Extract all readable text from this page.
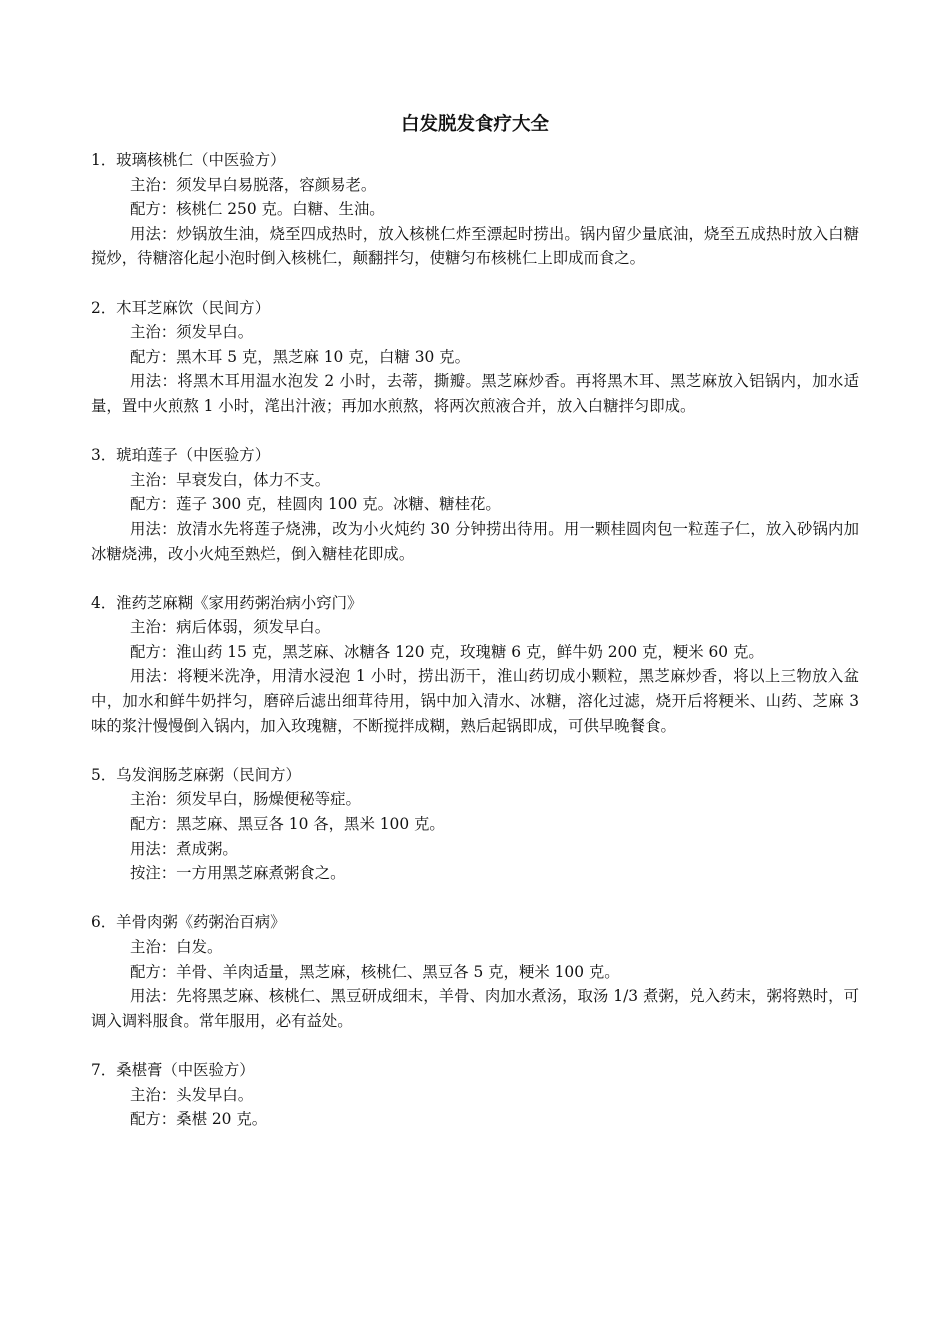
白发脱发食疗大全

1．玻璃核桃仁（中医验方）

主治：须发早白易脱落，容颜易老。

配方：核桃仁 250 克。白糖、生油。

用法：炒锅放生油，烧至四成热时，放入核桃仁炸至漂起时捞出。锅内留少量底油，烧至五成热时放入白糖搅炒，待糖溶化起小泡时倒入核桃仁，颠翻拌匀，使糖匀布核桃仁上即成而食之。

2．木耳芝麻饮（民间方）

主治：须发早白。

配方：黑木耳 5 克，黑芝麻 10 克，白糖 30 克。

用法：将黑木耳用温水泡发 2 小时，去蒂，撕瓣。黑芝麻炒香。再将黑木耳、黑芝麻放入铝锅内，加水适量，置中火煎熬 1 小时，滗出汁液；再加水煎熬，将两次煎液合并，放入白糖拌匀即成。

3．琥珀莲子（中医验方）

主治：早衰发白，体力不支。

配方：莲子 300 克，桂圆肉 100 克。冰糖、糖桂花。

用法：放清水先将莲子烧沸，改为小火炖约 30 分钟捞出待用。用一颗桂圆肉包一粒莲子仁，放入砂锅内加冰糖烧沸，改小火炖至熟烂，倒入糖桂花即成。

4．淮药芝麻糊《家用药粥治病小窍门》

主治：病后体弱，须发早白。

配方：淮山药 15 克，黑芝麻、冰糖各 120 克，玫瑰糖 6 克，鲜牛奶 200 克，粳米 60 克。

用法：将粳米洗净，用清水浸泡 1 小时，捞出沥干，淮山药切成小颗粒，黑芝麻炒香，将以上三物放入盆中，加水和鲜牛奶拌匀，磨碎后滤出细茸待用，锅中加入清水、冰糖，溶化过滤，烧开后将粳米、山药、芝麻 3 味的浆汁慢慢倒入锅内，加入玫瑰糖，不断搅拌成糊，熟后起锅即成，可供早晚餐食。

5．乌发润肠芝麻粥（民间方）

主治：须发早白，肠燥便秘等症。

配方：黑芝麻、黑豆各 10 各，黑米 100 克。

用法：煮成粥。

按注：一方用黑芝麻煮粥食之。

6．羊骨肉粥《药粥治百病》

主治：白发。

配方：羊骨、羊肉适量，黑芝麻，核桃仁、黑豆各 5 克，粳米 100 克。

用法：先将黑芝麻、核桃仁、黑豆研成细末，羊骨、肉加水煮汤，取汤 1/3 煮粥，兑入药末，粥将熟时，可调入调料服食。常年服用，必有益处。

7．桑椹膏（中医验方）

主治：头发早白。

配方：桑椹 20 克。
